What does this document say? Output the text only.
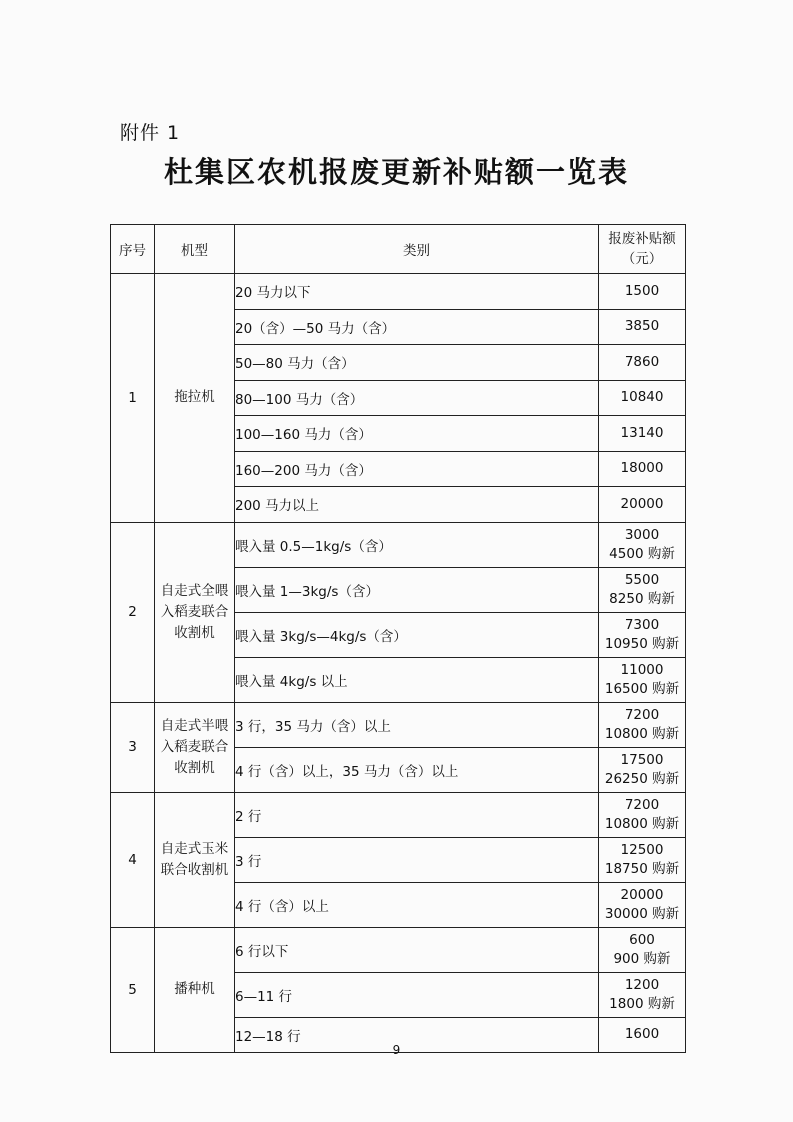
附件 1
杜集区农机报废更新补贴额一览表
序号	机型	类别	报废补贴额
（元）

1	拖拉机	20 马力以下	1500
		20（含）—50 马力（含）	3850
		50—80 马力（含）	7860
		80—100 马力（含）	10840
		100—160 马力（含）	13140
		160—200 马力（含）	18000
		200 马力以上	20000
2	自走式全喂入稻麦联合收割机	喂入量 0.5—1kg/s（含）	3000
4500 购新

		喂入量 1—3kg/s（含）	5500
8250 购新

		喂入量 3kg/s—4kg/s（含）	7300
10950 购新

		喂入量 4kg/s 以上	11000
16500 购新

3	自走式半喂入稻麦联合收割机	3 行，35 马力（含）以上	7200
10800 购新

		4 行（含）以上，35 马力（含）以上	17500
26250 购新

4	自走式玉米联合收割机	2 行	7200
10800 购新

		3 行	12500
18750 购新

		4 行（含）以上	20000
30000 购新

5	播种机	6 行以下	600
900 购新

		6—11 行	1200
1800 购新

		12—18 行	1600
9
